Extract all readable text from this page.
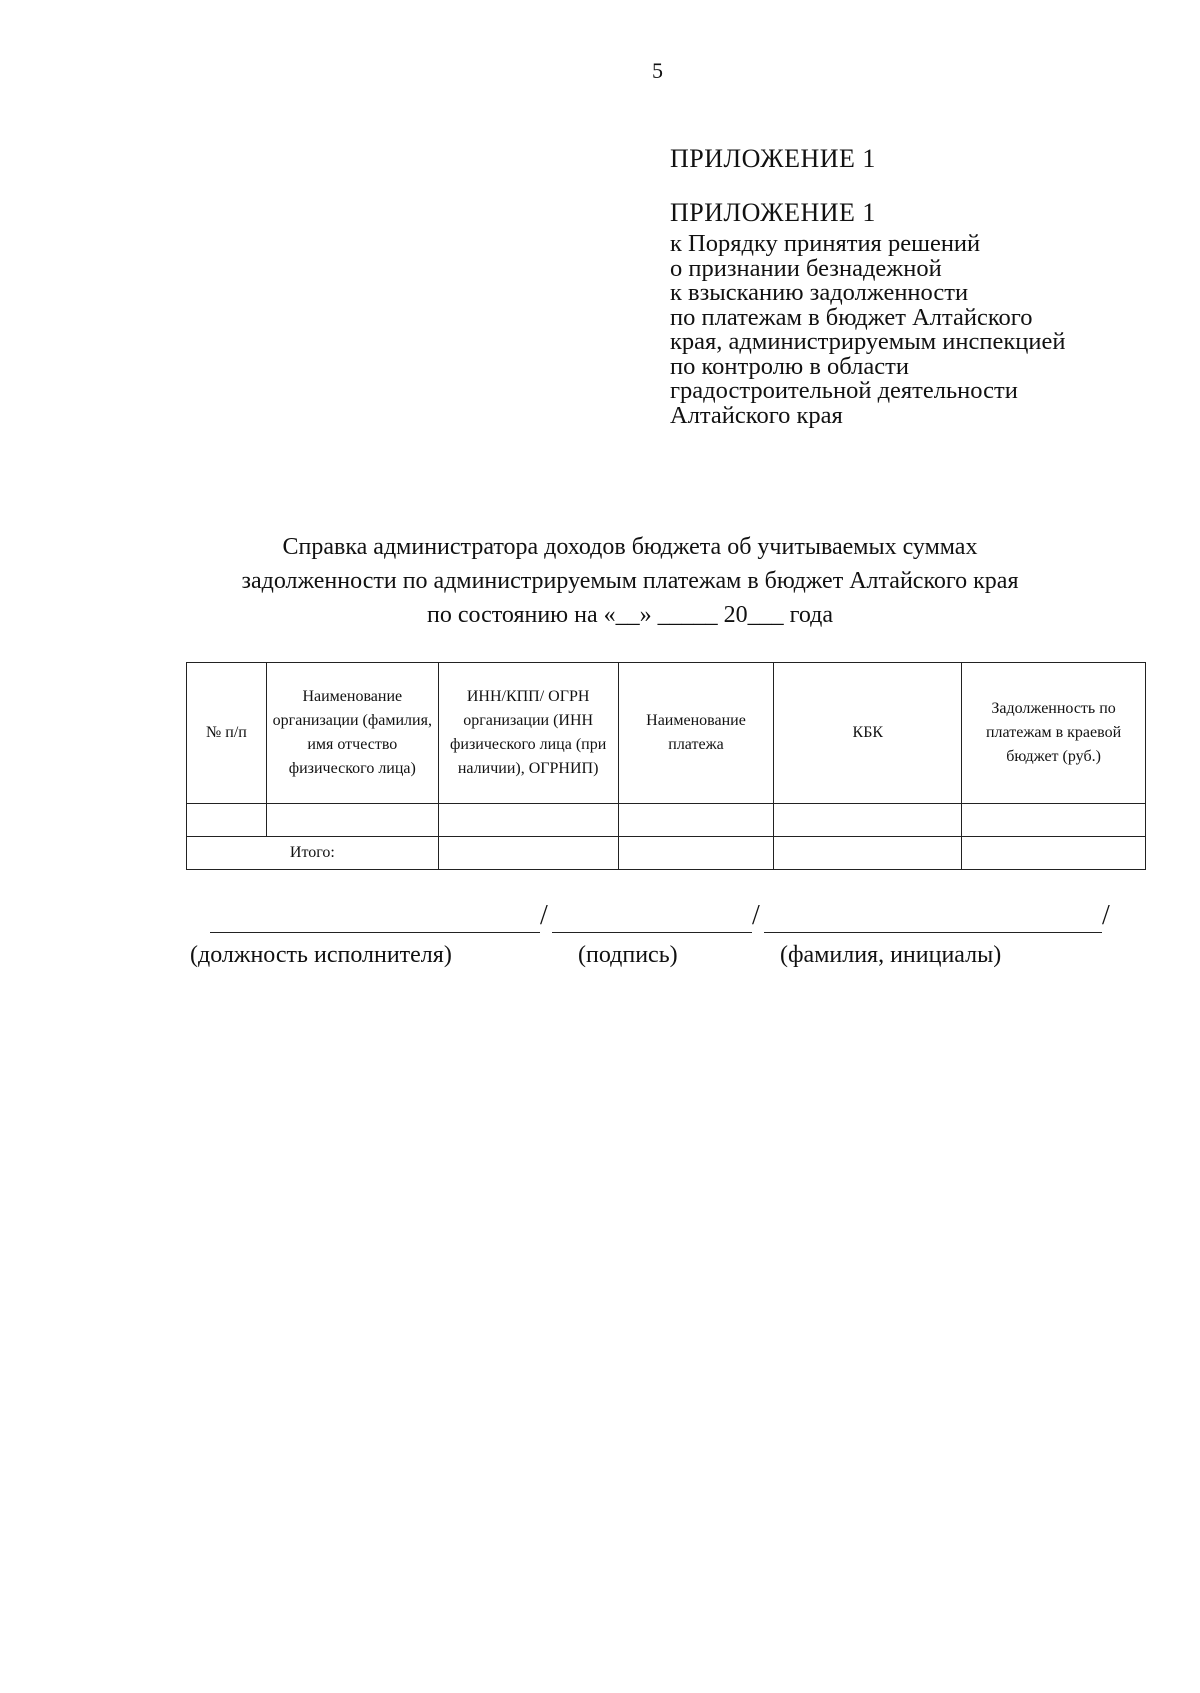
5
ПРИЛОЖЕНИЕ 1
ПРИЛОЖЕНИЕ 1
к Порядку принятия решений
о признании безнадежной
к взысканию задолженности
по платежам в бюджет Алтайского
края, администрируемым инспекцией
по контролю в области
градостроительной деятельности
Алтайского края
Справка администратора доходов бюджета об учитываемых суммах
задолженности по администрируемым платежам в бюджет Алтайского края
по состоянию на «__» _____ 20___ года
№ п/п	Наименование организации (фамилия, имя отчество физического лица)	ИНН/КПП/ ОГРН организации (ИНН физического лица (при наличии), ОГРНИП)	Наименование платежа	КБК	Задолженность по платежам в краевой бюджет (руб.)

Итого:					
/	/	/
(должность исполнителя)	(подпись)	(фамилия, инициалы)
